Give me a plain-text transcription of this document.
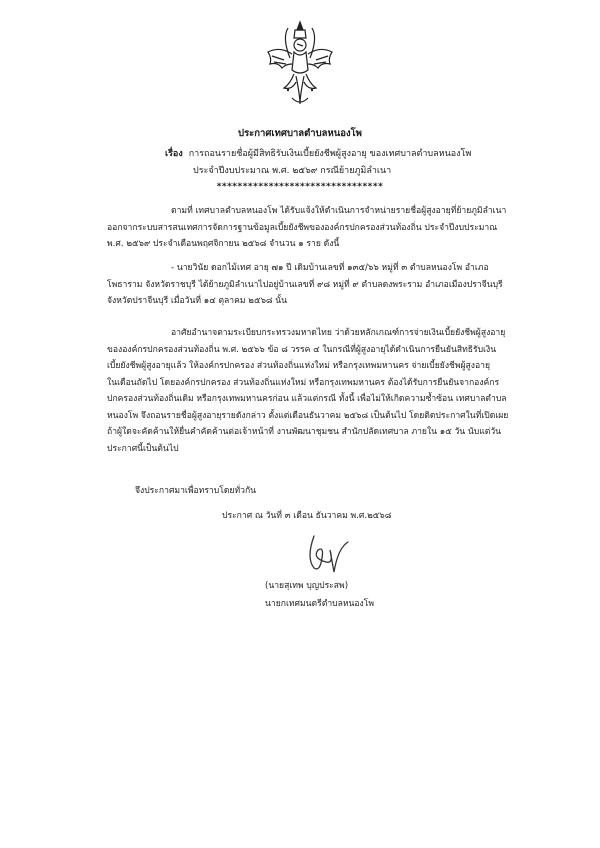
ประกาศเทศบาลตำบลหนองโพ
เรื่อง การถอนรายชื่อผู้มีสิทธิรับเงินเบี้ยยังชีพผู้สูงอายุ ของเทศบาลตำบลหนองโพ
ประจำปีงบประมาณ พ.ศ. ๒๕๖๙ กรณีย้ายภูมิลำเนา
********************************
ตามที่ เทศบาลตำบลหนองโพ ได้รับแจ้งให้ดำเนินการจำหน่ายรายชื่อผู้สูงอายุที่ย้ายภูมิลำเนา
ออกจากระบบสารสนเทศการจัดการฐานข้อมูลเบี้ยยังชีพขององค์กรปกครองส่วนท้องถิ่น ประจำปีงบประมาณ
พ.ศ. ๒๕๖๙ ประจำเดือนพฤศจิกายน ๒๕๖๘ จำนวน ๑ ราย ดังนี้
- นายวินัย ดอกไม้เทศ อายุ ๗๑ ปี เดิมบ้านเลขที่ ๑๓๕/๖๖ หมู่ที่ ๓ ตำบลหนองโพ อำเภอ
โพธาราม จังหวัดราชบุรี ได้ย้ายภูมิลำเนาไปอยู่บ้านเลขที่ ๙๘ หมู่ที่ ๙ ตำบลดงพระราม อำเภอเมืองปราจีนบุรี
จังหวัดปราจีนบุรี เมื่อวันที่ ๑๔ ตุลาคม ๒๕๖๘ นั้น
อาศัยอำนาจตามระเบียบกระทรวงมหาดไทย ว่าด้วยหลักเกณฑ์การจ่ายเงินเบี้ยยังชีพผู้สูงอายุ
ขององค์กรปกครองส่วนท้องถิ่น พ.ศ. ๒๕๖๖ ข้อ ๘ วรรค ๔ ในกรณีที่ผู้สูงอายุได้ดำเนินการยืนยันสิทธิรับเงิน
เบี้ยยังชีพผู้สูงอายุแล้ว ให้องค์กรปกครอง ส่วนท้องถิ่นแห่งใหม่ หรือกรุงเทพมหานคร จ่ายเบี้ยยังชีพผู้สูงอายุ
ในเดือนถัดไป โดยองค์กรปกครอง ส่วนท้องถิ่นแห่งใหม่ หรือกรุงเทพมหานคร ต้องได้รับการยืนยันจากองค์กร
ปกครองส่วนท้องถิ่นเดิม หรือกรุงเทพมหานครก่อน แล้วแต่กรณี ทั้งนี้ เพื่อไม่ให้เกิดความซ้ำซ้อน เทศบาลตำบล
หนองโพ จึงถอนรายชื่อผู้สูงอายุรายดังกล่าว ตั้งแต่เดือนธันวาคม ๒๕๖๘ เป็นต้นไป โดยติดประกาศในที่เปิดเผย
ถ้าผู้ใดจะคัดค้านให้ยื่นคำคัดค้านต่อเจ้าหน้าที่ งานพัฒนาชุมชน สำนักปลัดเทศบาล ภายใน ๑๕ วัน นับแต่วัน
ประกาศนี้เป็นต้นไป
จึงประกาศมาเพื่อทราบโดยทั่วกัน
ประกาศ ณ วันที่ ๓ เดือน ธันวาคม พ.ศ.๒๕๖๘
(นายสุเทพ บุญประสพ)
นายกเทศมนตรีตำบลหนองโพ
